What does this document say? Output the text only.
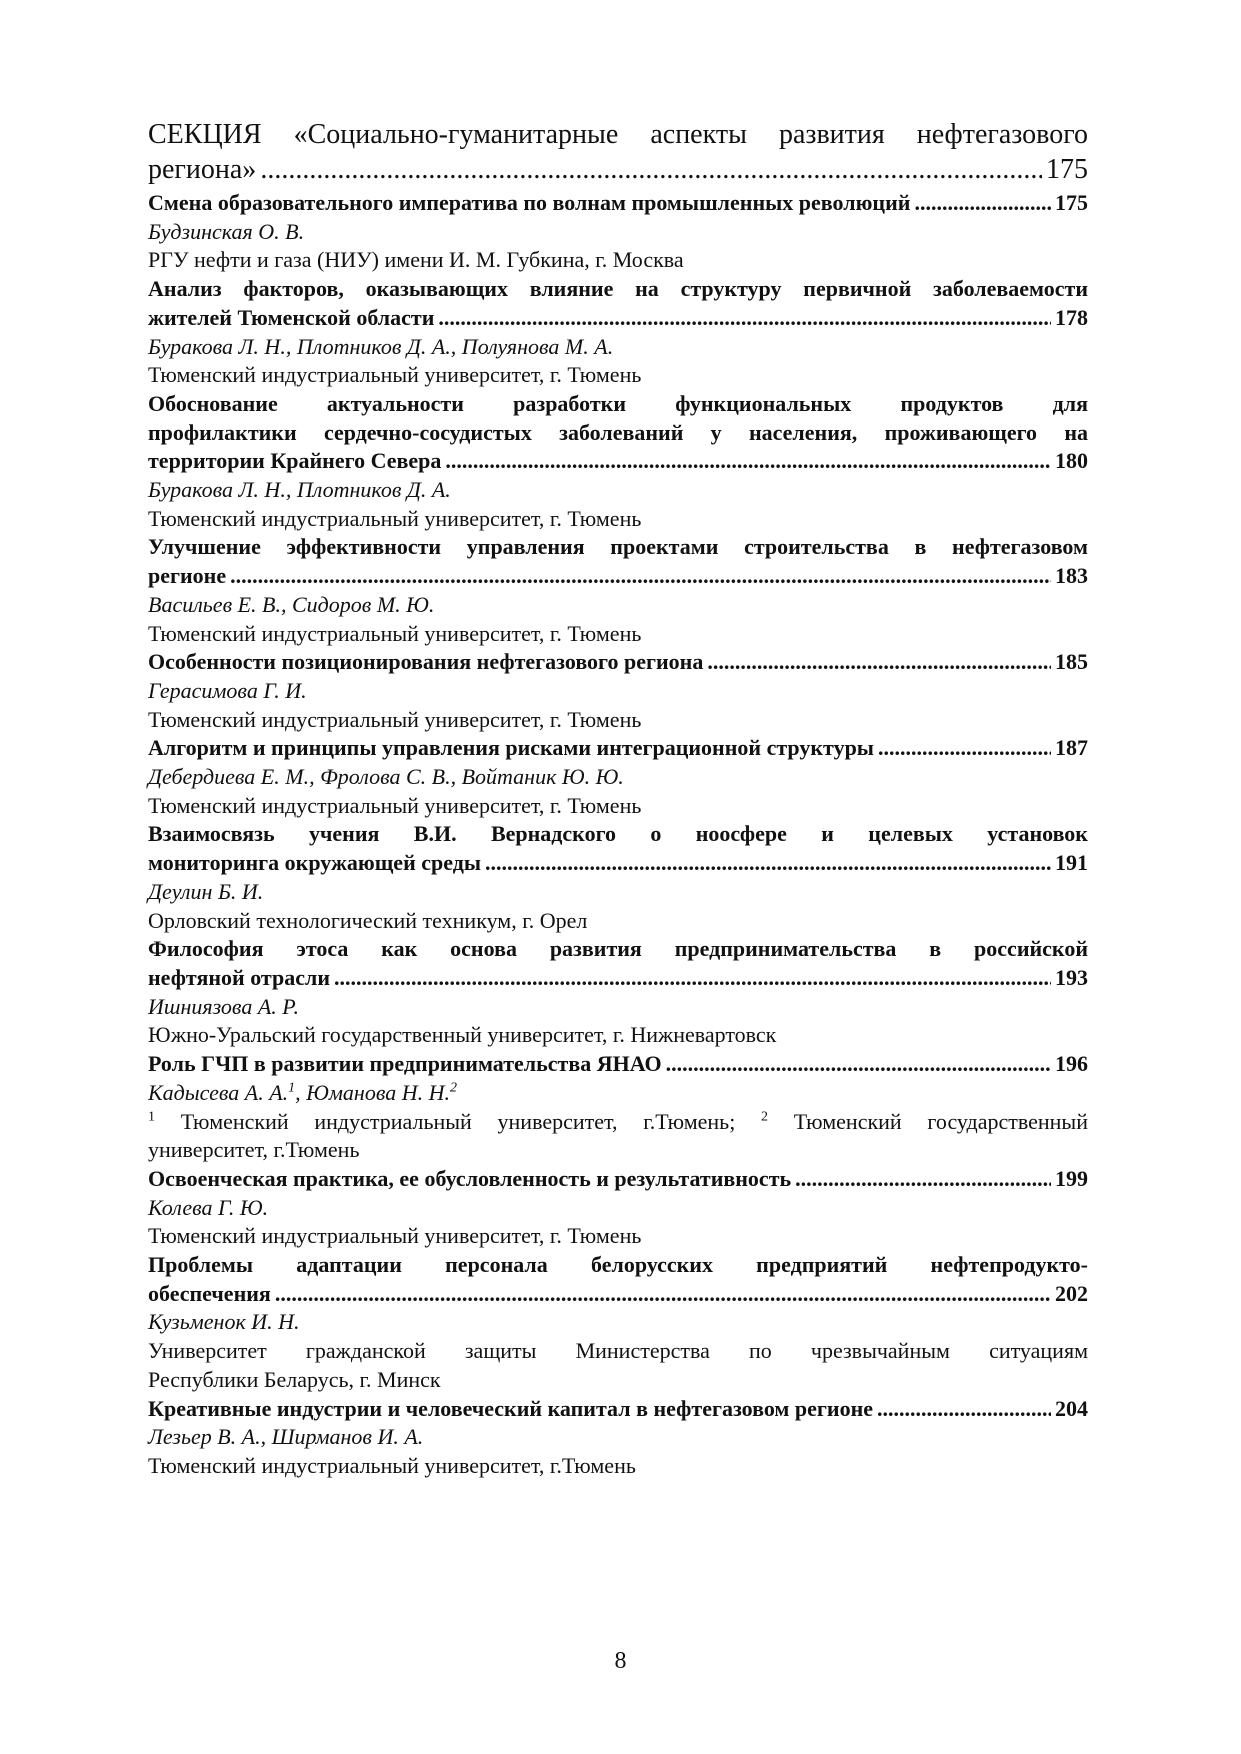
СЕКЦИЯ «Социально-гуманитарные аспекты развития нефтегазового
региона» .....	175
Смена образовательного императива по волнам промышленных революций .....	175
Будзинская О. В.
РГУ нефти и газа (НИУ) имени И. М. Губкина, г. Москва
Анализ факторов, оказывающих влияние на структуру первичной заболеваемости
жителей Тюменской области .....	178
Буракова Л. Н., Плотников Д. А., Полуянова М. А.
Тюменский индустриальный университет, г. Тюмень
Обоснование актуальности разработки функциональных продуктов для
профилактики сердечно-сосудистых заболеваний у населения, проживающего на
территории Крайнего Севера .....	180
Буракова Л. Н., Плотников Д. А.
Тюменский индустриальный университет, г. Тюмень
Улучшение эффективности управления проектами строительства в нефтегазовом
регионе .....	183
Васильев Е. В., Сидоров М. Ю.
Тюменский индустриальный университет, г. Тюмень
Особенности позиционирования нефтегазового региона .....	185
Герасимова Г. И.
Тюменский индустриальный университет, г. Тюмень
Алгоритм и принципы управления рисками интеграционной структуры .....	187
Дебердиева Е. М., Фролова С. В., Войтаник Ю. Ю.
Тюменский индустриальный университет, г. Тюмень
Взаимосвязь учения В.И. Вернадского о ноосфере и целевых установок
мониторинга окружающей среды .....	191
Деулин Б. И.
Орловский технологический техникум, г. Орел
Философия этоса как основа развития предпринимательства в российской
нефтяной отрасли .....	193
Ишниязова А. Р.
Южно-Уральский государственный университет, г. Нижневартовск
Роль ГЧП в развитии предпринимательства ЯНАО .....	196
Кадысева А. А.$^1$, Юманова Н. Н.$^2$
$^1$ Тюменский индустриальный университет, г.Тюмень; $^2$ Тюменский государственный
университет, г.Тюмень
Освоенческая практика, ее обусловленность и результативность .....	199
Колева Г. Ю.
Тюменский индустриальный университет, г. Тюмень
Проблемы адаптации персонала белорусских предприятий нефтепродукто-
обеспечения .....	202
Кузьменок И. Н.
Университет гражданской защиты Министерства по чрезвычайным ситуациям
Республики Беларусь, г. Минск
Креативные индустрии и человеческий капитал в нефтегазовом регионе .....	204
Лезьер В. А., Ширманов И. А.
Тюменский индустриальный университет, г.Тюмень
8
